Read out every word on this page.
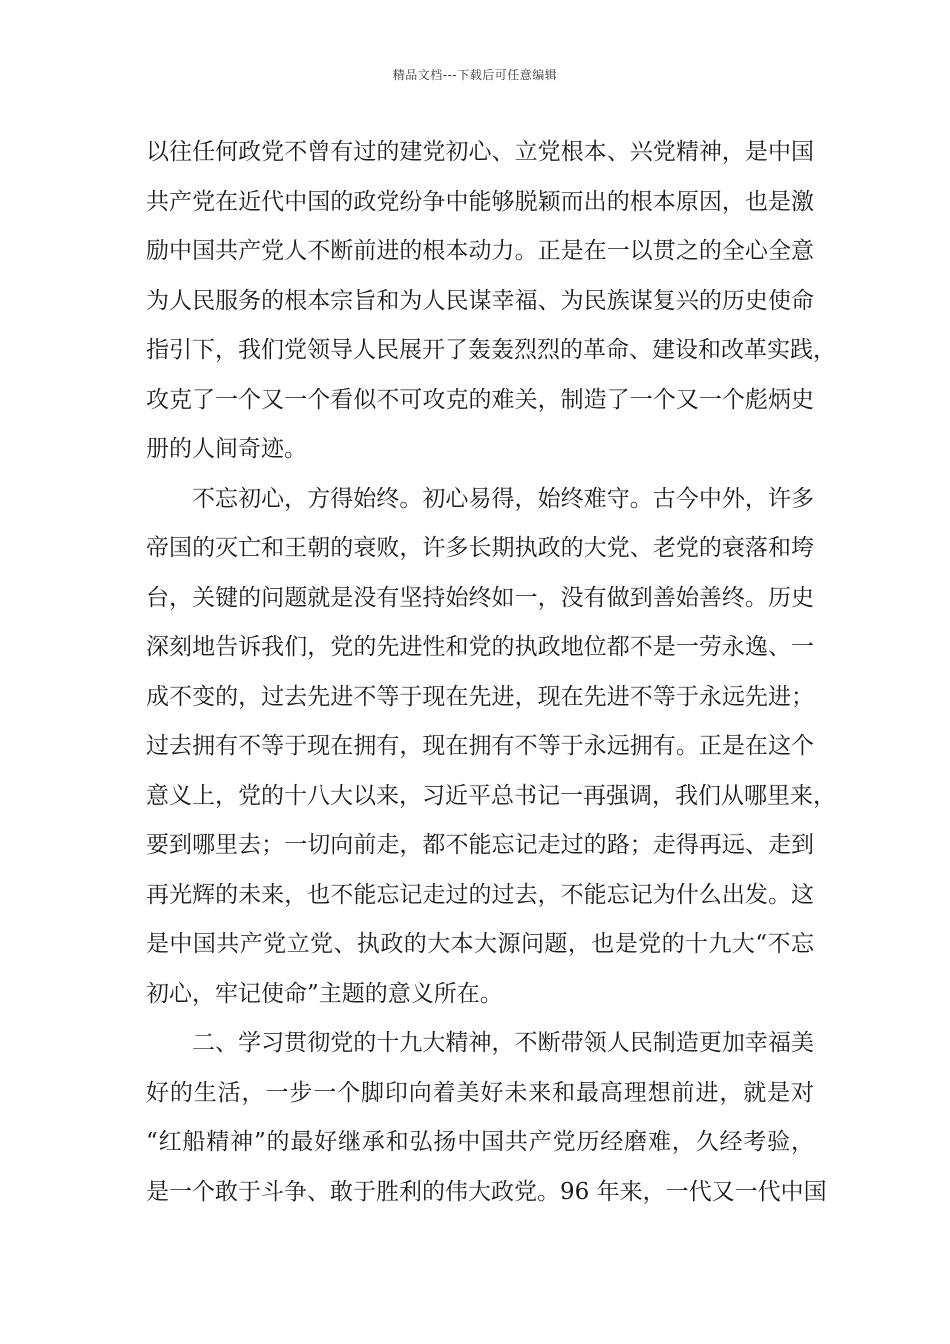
精品文档---下载后可任意编辑
以往任何政党不曾有过的建党初心、立党根本、兴党精神，是中国
共产党在近代中国的政党纷争中能够脱颖而出的根本原因，也是激
励中国共产党人不断前进的根本动力。正是在一以贯之的全心全意
为人民服务的根本宗旨和为人民谋幸福、为民族谋复兴的历史使命
指引下，我们党领导人民展开了轰轰烈烈的革命、建设和改革实践，
攻克了一个又一个看似不可攻克的难关，制造了一个又一个彪炳史
册的人间奇迹。
不忘初心，方得始终。初心易得，始终难守。古今中外，许多
帝国的灭亡和王朝的衰败，许多长期执政的大党、老党的衰落和垮
台，关键的问题就是没有坚持始终如一，没有做到善始善终。历史
深刻地告诉我们，党的先进性和党的执政地位都不是一劳永逸、一
成不变的，过去先进不等于现在先进，现在先进不等于永远先进；
过去拥有不等于现在拥有，现在拥有不等于永远拥有。正是在这个
意义上，党的十八大以来，习近平总书记一再强调，我们从哪里来，
要到哪里去；一切向前走，都不能忘记走过的路；走得再远、走到
再光辉的未来，也不能忘记走过的过去，不能忘记为什么出发。这
是中国共产党立党、执政的大本大源问题，也是党的十九大“不忘
初心，牢记使命”主题的意义所在。
二、学习贯彻党的十九大精神，不断带领人民制造更加幸福美
好的生活，一步一个脚印向着美好未来和最高理想前进，就是对
“红船精神”的最好继承和弘扬中国共产党历经磨难，久经考验，
是一个敢于斗争、敢于胜利的伟大政党。96 年来，一代又一代中国
